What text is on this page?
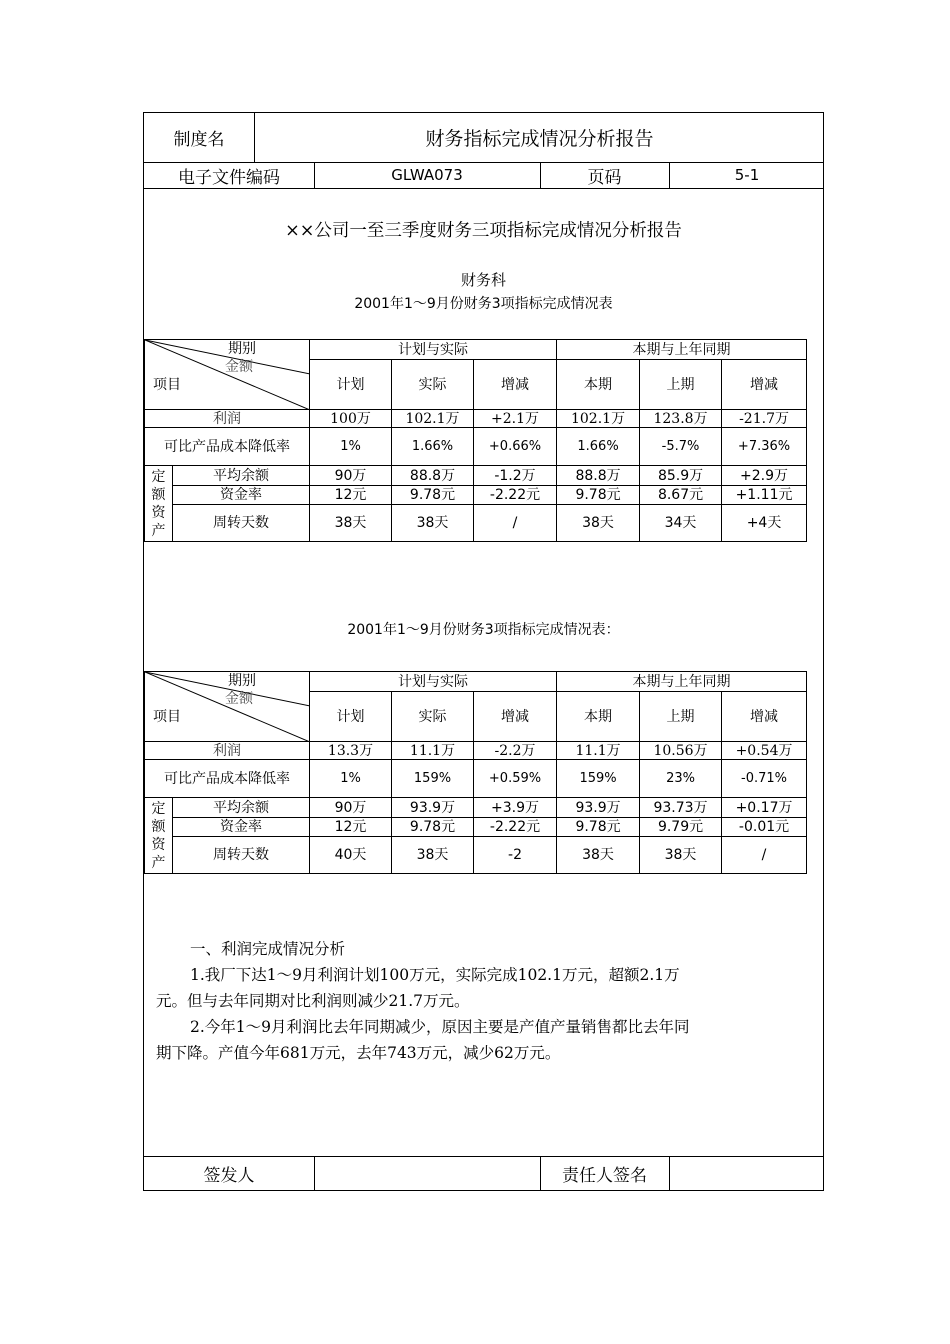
制度名	财务指标完成情况分析报告
电子文件编码	GLWA073	页码	5-1
××公司一至三季度财务三项指标完成情况分析报告
财务科
2001年1～9月份财务3项指标完成情况表
期别
金额
项目		计划与实际			本期与上年同期		
		计划	实际	增减	本期	上期	增减
利润		100万	102.1万	+2.1万	102.1万	123.8万	-21.7万
可比产品成本降低率		1%	1.66%	+0.66%	1.66%	-5.7%	+7.36%
定
额
资
产	平均余额	90万	88.8万	-1.2万	88.8万	85.9万	+2.9万
	资金率	12元	9.78元	-2.22元	9.78元	8.67元	+1.11元
	周转天数	38天	38天	/	38天	34天	+4天
2001年1～9月份财务3项指标完成情况表：
期别
金额
项目		计划与实际			本期与上年同期		
		计划	实际	增减	本期	上期	增减
利润		13.3万	11.1万	-2.2万	11.1万	10.56万	+0.54万
可比产品成本降低率		1%	159%	+0.59%	159%	23%	-0.71%
定
额
资
产	平均余额	90万	93.9万	+3.9万	93.9万	93.73万	+0.17万
	资金率	12元	9.78元	-2.22元	9.78元	9.79元	-0.01元
	周转天数	40天	38天	-2	38天	38天	/
一、利润完成情况分析
1.我厂下达1～9月利润计划100万元，实际完成102.1万元，超额2.1万
元。但与去年同期对比利润则减少21.7万元。
2.今年1～9月利润比去年同期减少，原因主要是产值产量销售都比去年同
期下降。产值今年681万元，去年743万元，减少62万元。
签发人	责任人签名
